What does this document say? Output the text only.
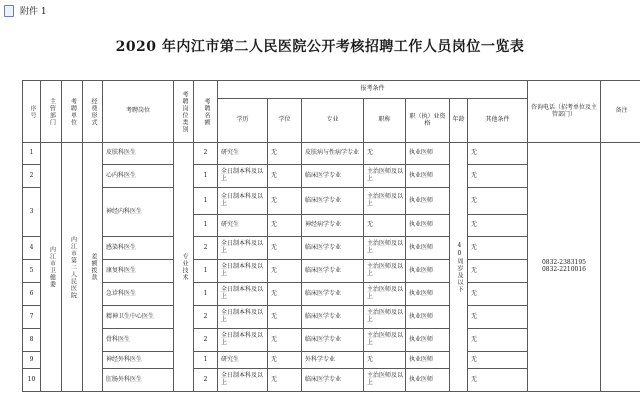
附件 1
2020 年内江市第二人民医院公开考核招聘工作人员岗位一览表
序号	主管部门	考聘单位	经费形式	考聘岗位	考聘岗位类别	考聘名额	报考条件							咨询电话（招考单位及主管部门）	备注
							学历	学位	专业	职称	职（执）业资格	年龄	其他条件		
1	内江市卫健委	内江市第二人民医院	差额拨款	皮肤科医生	专业技术	2	研究生	无	皮肤病与性病学专业	无	执业医师	40周岁及以下	无	0832-2383195
0832-2210016	

2				心内科医生		1	全日制本科及以上	无	临床医学专业	主治医师及以上	执业医师		无		
3				神经内科医生		1	全日制本科及以上	无	临床医学专业	主治医师及以上	执业医师		无		
						1	研究生	无	神经病学专业	无	执业医师		无		
4				感染科医生		2	全日制本科及以上	无	临床医学专业	主治医师及以上	执业医师		无		
5				康复科医生		1	全日制本科及以上	无	临床医学专业	主治医师及以上	执业医师		无		
6				急诊科医生		1	全日制本科及以上	无	临床医学专业	主治医师及以上	执业医师		无		
7				精神卫生中心医生		2	全日制本科及以上	无	临床医学专业	主治医师及以上	执业医师		无		
8				骨科医生		2	全日制本科及以上	无	临床医学专业	主治医师及以上	执业医师		无		
9				神经外科医生		1	研究生	无	外科学专业	无	执业医师		无		
10				肛肠外科医生		2	全日制本科及以上	无	临床医学专业	主治医师及以上	执业医师		无		
